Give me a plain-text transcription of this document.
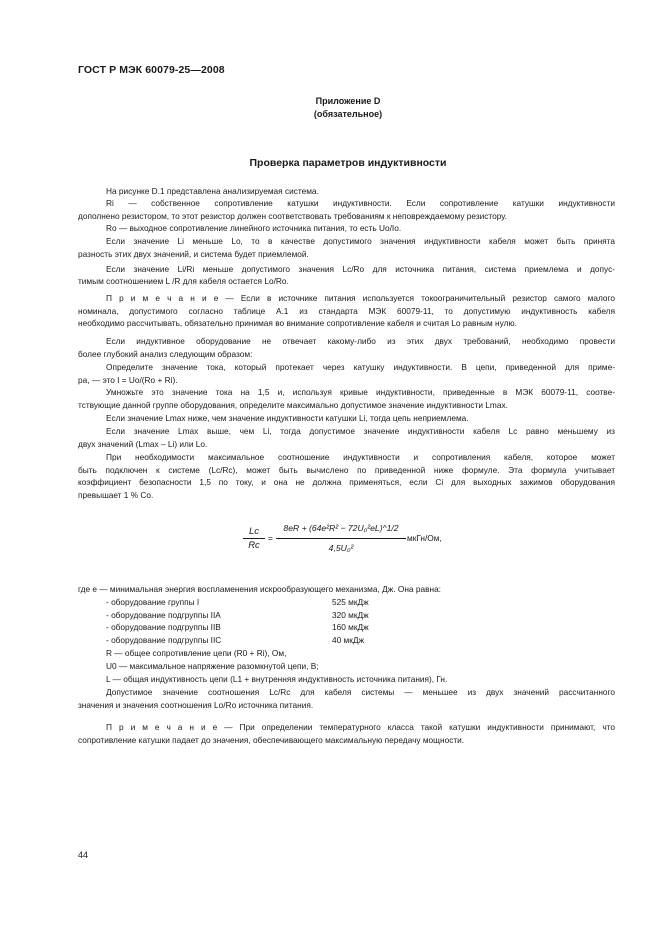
ГОСТ Р МЭК 60079-25—2008
Приложение D
(обязательное)
Проверка параметров индуктивности
На рисунке D.1 представлена анализируемая система.
Ri — собственное сопротивление катушки индуктивности. Если сопротивление катушки индуктивности
дополнено резистором, то этот резистор должен соответствовать требованиям к неповреждаемому резистору.
Ro — выходное сопротивление линейного источника питания, то есть Uo/Io.
Если значение Li меньше Lo, то в качестве допустимого значения индуктивности кабеля может быть принята
разность этих двух значений, и система будет приемлемой.
Если значение Li/Ri меньше допустимого значения Lc/Ro для источника питания, система приемлема и допус-
тимым соотношением L /R для кабеля остается Lo/Ro.
П р и м е ч а н и е — Если в источнике питания используется токоограничительный резистор самого малого
номинала, допустимого согласно таблице А.1 из стандарта МЭК 60079-11, то допустимую индуктивность кабеля
необходимо рассчитывать, обязательно принимая во внимание сопротивление кабеля и считая Lo равным нулю.
Если индуктивное оборудование не отвечает какому-либо из этих двух требований, необходимо провести
более глубокий анализ следующим образом:
Определите значение тока, который протекает через катушку индуктивности. В цепи, приведенной для приме-
ра, — это I = Uo/(Ro + Ri).
Умножьте это значение тока на 1,5 и, используя кривые индуктивности, приведенные в МЭК 60079-11, соотве-
тствующие данной группе оборудования, определите максимально допустимое значение индуктивности Lmax.
Если значение Lmax ниже, чем значение индуктивности катушки Li, тогда цепь неприемлема.
Если значение Lmax выше, чем Li, тогда допустимое значение индуктивности кабеля Lc равно меньшему из
двух значений (Lmax – Li) или Lo.
При необходимости максимальное соотношение индуктивности и сопротивления кабеля, которое может
быть подключен к системе (Lc/Rc), может быть вычислено по приведенной ниже формуле. Эта формула учитывает
коэффициент безопасности 1,5 по току, и она не должна применяться, если Ci для выходных зажимов оборудования
превышает 1 % Co.
Lc
Rc
=
8eR + (64e²R² − 72U₀²eL)^1/2
4,5U₀²
мкГн/Ом,
где e — минимальная энергия воспламенения искрообразующего механизма, Дж. Она равна:
- оборудование группы I	525 мкДж
- оборудование подгруппы IIA	320 мкДж
- оборудование подгруппы IIB	160 мкДж
- оборудование подгруппы IIC	40 мкДж
R — общее сопротивление цепи (R0 + Ri), Ом,
U0 — максимальное напряжение разомкнутой цепи, В;
L — общая индуктивность цепи (L1 + внутренняя индуктивность источника питания), Гн.
Допустимое значение соотношения Lc/Rc для кабеля системы — меньшее из двух значений рассчитанного
значения и значения соотношения Lo/Ro источника питания.
П р и м е ч а н и е — При определении температурного класса такой катушки индуктивности принимают, что
сопротивление катушки падает до значения, обеспечивающего максимальную передачу мощности.
44
